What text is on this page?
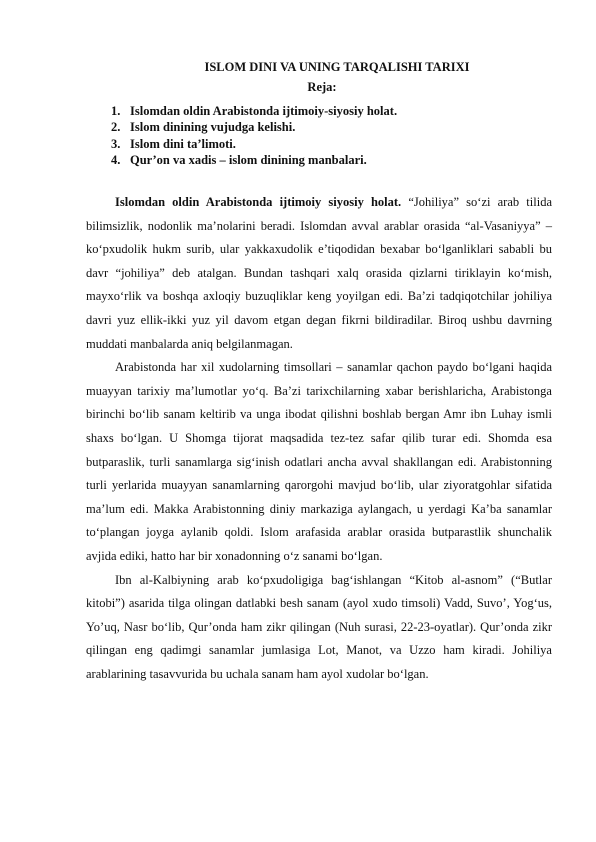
ISLOM DINI VA UNING TARQALISHI TARIXI
Reja:
1. Islomdan oldin Arabistonda ijtimoiy-siyosiy holat.
2. Islom dinining vujudga kelishi.
3. Islom dini ta’limoti.
4. Qur’on va xadis – islom dinining manbalari.

Islomdan oldin Arabistonda ijtimoiy siyosiy holat. “Johiliya” so‘zi arab tilida bilimsizlik, nodonlik ma’nolarini beradi. Islomdan avval arablar orasida “al-Vasaniyya” – ko‘pxudolik hukm surib, ular yakkaxudolik e’tiqodidan bexabar bo‘lganliklari sababli bu davr “johiliya” deb atalgan. Bundan tashqari xalq orasida qizlarni tiriklayin ko‘mish, mayxo‘rlik va boshqa axloqiy buzuqliklar keng yoyilgan edi. Ba’zi tadqiqotchilar johiliya davri yuz ellik-ikki yuz yil davom etgan degan fikrni bildiradilar. Biroq ushbu davrning muddati manbalarda aniq belgilanmagan.

Arabistonda har xil xudolarning timsollari – sanamlar qachon paydo bo‘lgani haqida muayyan tarixiy ma’lumotlar yo‘q. Ba’zi tarixchilarning xabar berishlaricha, Arabistonga birinchi bo‘lib sanam keltirib va unga ibodat qilishni boshlab bergan Amr ibn Luhay ismli shaxs bo‘lgan. U Shomga tijorat maqsadida tez-tez safar qilib turar edi. Shomda esa butparaslik, turli sanamlarga sig‘inish odatlari ancha avval shakllangan edi. Arabistonning turli yerlarida muayyan sanamlarning qarorgohi mavjud bo‘lib, ular ziyoratgohlar sifatida ma’lum edi. Makka Arabistonning diniy markaziga aylangach, u yerdagi Ka’ba sanamlar to‘plangan joyga aylanib qoldi. Islom arafasida arablar orasida butparastlik shunchalik avjida ediki, hatto har bir xonadonning o‘z sanami bo‘lgan.

Ibn al-Kalbiyning arab ko‘pxudoligiga bag‘ishlangan “Kitob al-asnom” (“Butlar kitobi”) asarida tilga olingan datlabki besh sanam (ayol xudo timsoli) Vadd, Suvo’, Yog‘us, Yo’uq, Nasr bo‘lib, Qur’onda ham zikr qilingan (Nuh surasi, 22-23-oyatlar). Qur’onda zikr qilingan eng qadimgi sanamlar jumlasiga Lot, Manot, va Uzzo ham kiradi. Johiliya arablarining tasavvurida bu uchala sanam ham ayol xudolar bo‘lgan.
